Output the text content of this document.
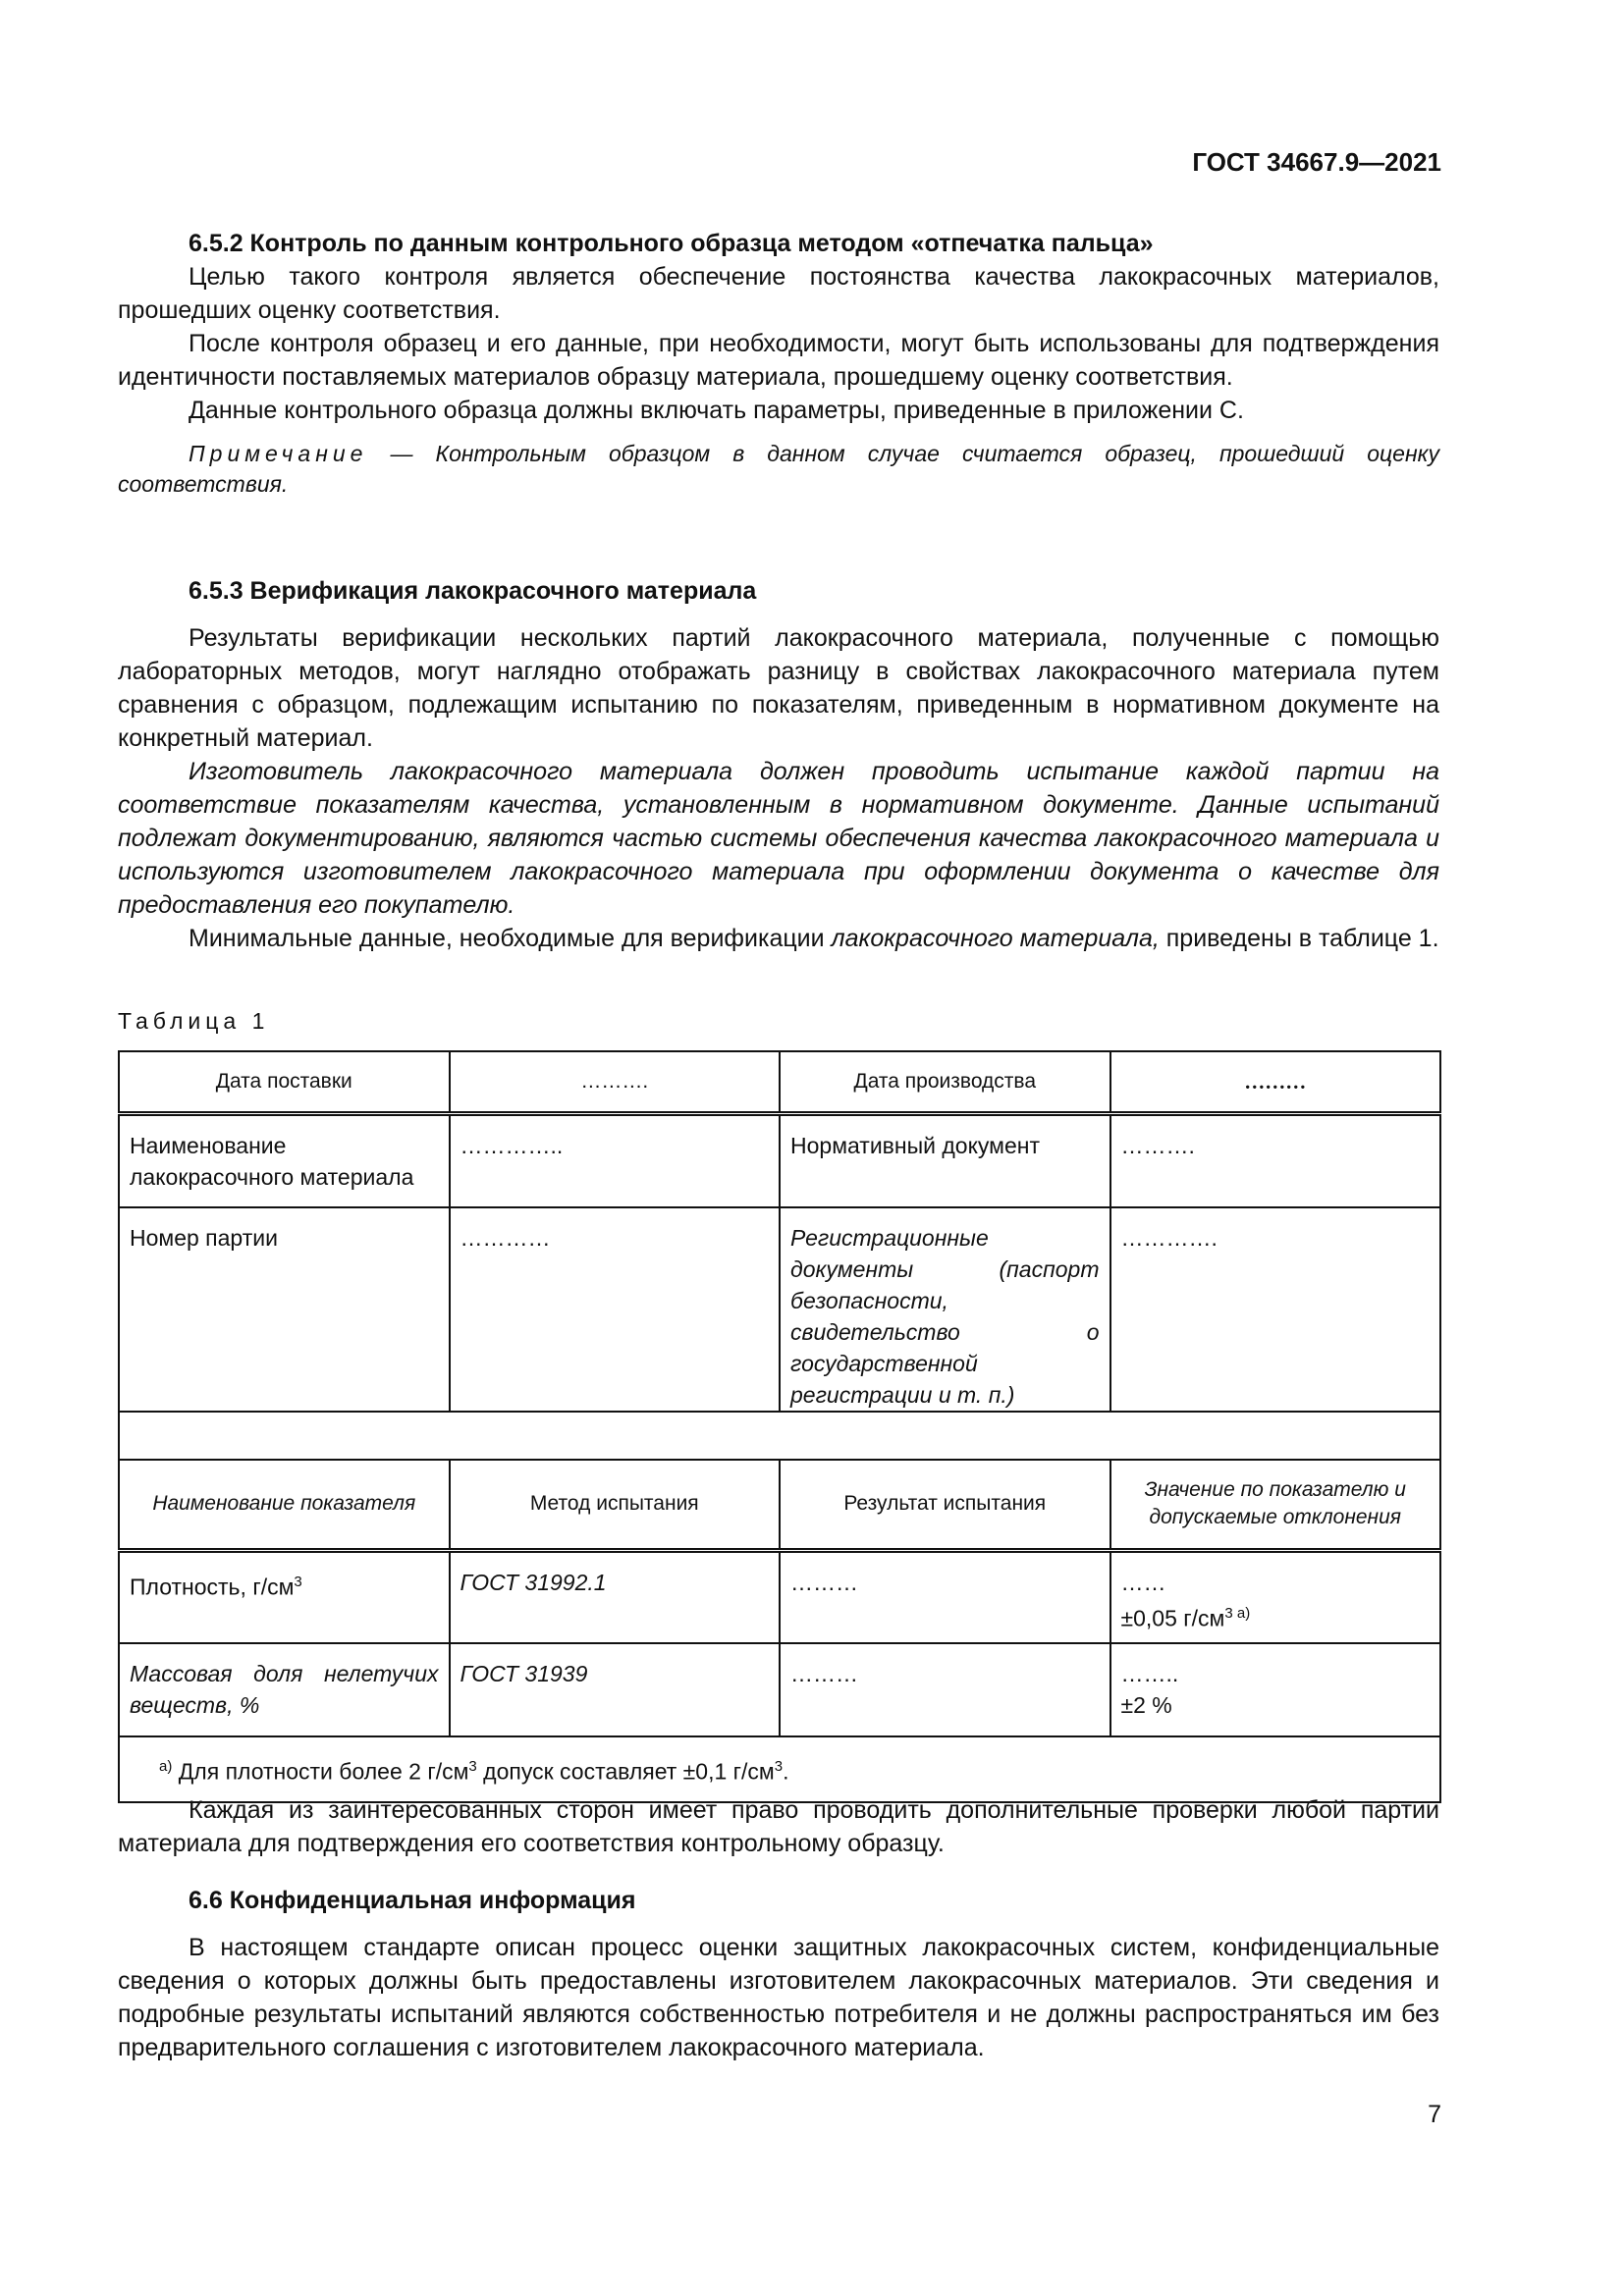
ГОСТ 34667.9—2021

6.5.2 Контроль по данным контрольного образца методом «отпечатка пальца»

Целью такого контроля является обеспечение постоянства качества лакокрасочных материалов, прошедших оценку соответствия.

После контроля образец и его данные, при необходимости, могут быть использованы для подтверждения идентичности поставляемых материалов образцу материала, прошедшему оценку соответствия.

Данные контрольного образца должны включать параметры, приведенные в приложении С.

Примечание — Контрольным образцом в данном случае считается образец, прошедший оценку соответствия.

6.5.3 Верификация лакокрасочного материала

Результаты верификации нескольких партий лакокрасочного материала, полученные с помощью лабораторных методов, могут наглядно отображать разницу в свойствах лакокрасочного материала путем сравнения с образцом, подлежащим испытанию по показателям, приведенным в нормативном документе на конкретный материал.

Изготовитель лакокрасочного материала должен проводить испытание каждой партии на соответствие показателям качества, установленным в нормативном документе. Данные испытаний подлежат документированию, являются частью системы обеспечения качества лакокрасочного материала и используются изготовителем лакокрасочного материала при оформлении документа о качестве для предоставления его покупателю.

Минимальные данные, необходимые для верификации лакокрасочного материала, приведены в таблице 1.

Таблица 1
Дата поставки	……….	Дата производства	………
Наименование лакокрасочного материала	…………..	Нормативный документ	……….
Номер партии	…………	Регистрационные документы (паспорт безопасности, свидетельство о государственной регистрации и т. п.)	………….

Наименование показателя	Метод испытания	Результат испытания	Значение по показателю и допускаемые отклонения
Плотность, $г/см^3$	ГОСТ 31992.1	………	……
±0,05 $г/см^{3 а)}$
Массовая доля нелетучих веществ, %	ГОСТ 31939	………	……..
±2 %

$^{а)}$ Для плотности более 2 $г/см^3$ допуск составляет ±0,1 $г/см^3$.			

Каждая из заинтересованных сторон имеет право проводить дополнительные проверки любой партии материала для подтверждения его соответствия контрольному образцу.

6.6 Конфиденциальная информация

В настоящем стандарте описан процесс оценки защитных лакокрасочных систем, конфиденциальные сведения о которых должны быть предоставлены изготовителем лакокрасочных материалов. Эти сведения и подробные результаты испытаний являются собственностью потребителя и не должны распространяться им без предварительного соглашения с изготовителем лакокрасочного материала.

7
